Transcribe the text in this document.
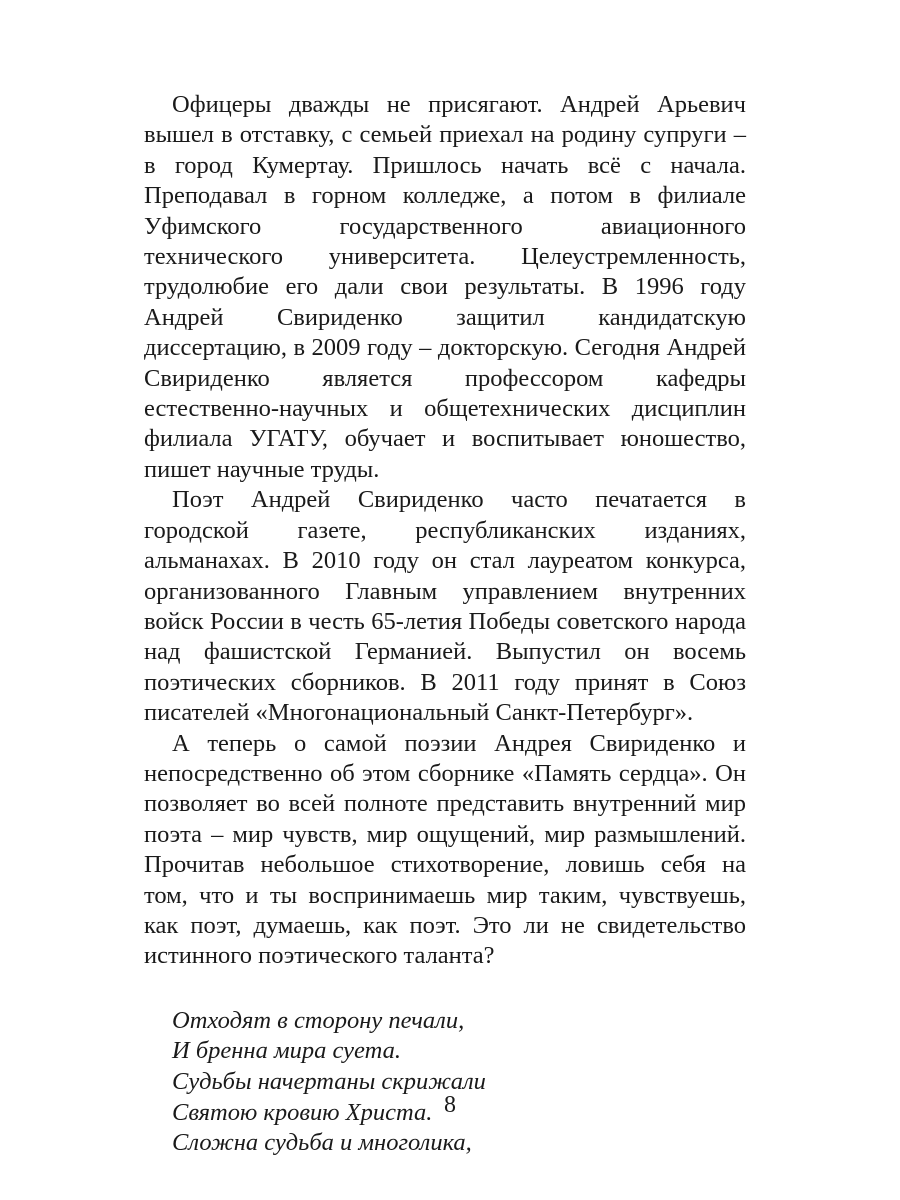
Офицеры дважды не присягают. Андрей Арьевич вышел в отставку, с семьей приехал на родину супруги – в город Кумертау. Пришлось начать всё с начала. Преподавал в горном колледже, а потом в филиале Уфимского государственного авиационного технического университета. Целеустремленность, трудолюбие его дали свои результаты. В 1996 году Андрей Свириденко защитил кандидатскую диссертацию, в 2009 году – докторскую. Сегодня Андрей Свириденко является профессором кафедры естественно-научных и общетехнических дисциплин филиала УГАТУ, обучает и воспитывает юношество, пишет научные труды.

Поэт Андрей Свириденко часто печатается в городской газете, республиканских изданиях, альманахах. В 2010 году он стал лауреатом конкурса, организованного Главным управлением внутренних войск России в честь 65-летия Победы советского народа над фашистской Германией. Выпустил он восемь поэтических сборников. В 2011 году принят в Союз писателей «Многонациональный Санкт-Петербург».

А теперь о самой поэзии Андрея Свириденко и непосредственно об этом сборнике «Память сердца». Он позволяет во всей полноте представить внутренний мир поэта – мир чувств, мир ощущений, мир размышлений. Прочитав небольшое стихотворение, ловишь себя на том, что и ты воспринимаешь мир таким, чувствуешь, как поэт, думаешь, как поэт. Это ли не свидетельство истинного поэтического таланта?

Отходят в сторону печали,
И бренна мира суета.
Судьбы начертаны скрижали
Святою кровию Христа.
Сложна судьба и многолика,
8
